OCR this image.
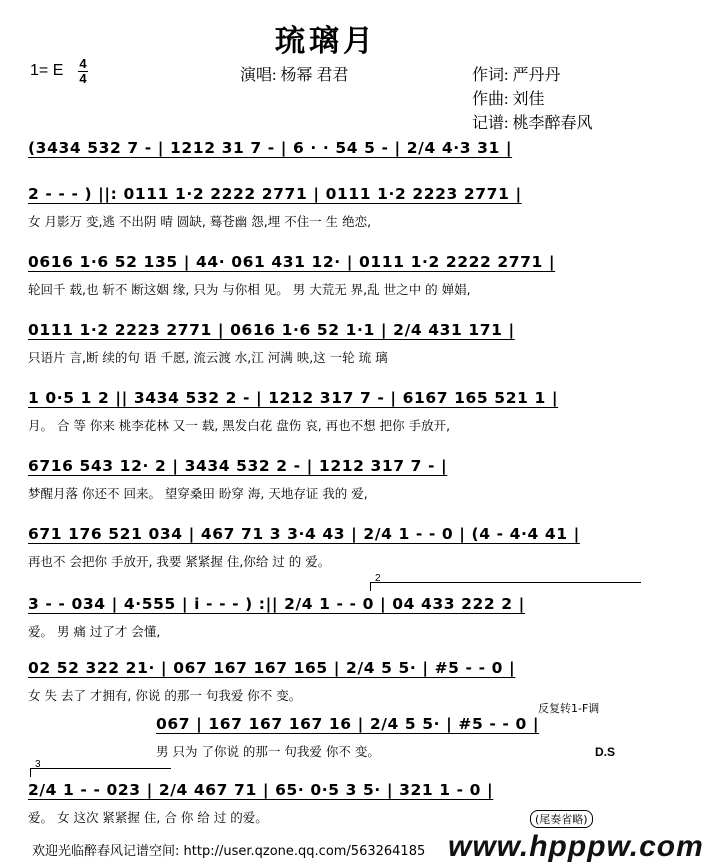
琉璃月
1= E 4
4	演唱: 杨幂 君君	作词: 严丹丹
作曲: 刘佳
记谱: 桃李醉春风
(3434 532 7 - | 1212 31 7 - | 6 · · 54 5 - | 2/4 4·3 31 |
2 - - - ) ||: 0111 1·2 2222 2771 | 0111 1·2 2223 2771 |
女 月影万 变,逃 不出阴 晴 圆缺, 蓦苍幽 怨,埋 不住一 生 绝恋,
0616 1·6 52 135 | 44· 061 431 12· | 0111 1·2 2222 2771 |
轮回千 载,也 斩不 断这姻 缘, 只为 与你相 见。 男 大荒无 界,乱 世之中 的 婵娟,
0111 1·2 2223 2771 | 0616 1·6 52 1·1 | 2/4 431 171 |
只语片 言,断 续的句 语 千愿, 流云渡 水,江 河满 映,这 一轮 琉 璃
1 0·5 1 2 || 3434 532 2 - | 1212 317 7 - | 6167 165 521 1 |
月。 合 等 你来 桃李花林 又一 载, 黑发白花 盘伤 哀, 再也不想 把你 手放开,
6716 543 12· 2 | 3434 532 2 - | 1212 317 7 - |
梦醒月落 你还不 回来。 望穿桑田 盼穿 海, 天地存证 我的 爱,
671 176 521 034 | 467 71 3 3·4 43 | 2/4 1 - - 0 | (4 - 4·4 41 |
再也不 会把你 手放开, 我要 紧紧握 住,你给 过 的 爱。
2
3 - - 034 | 4·555 | i - - - ) :|| 2/4 1 - - 0 | 04 433 222 2 |
爱。 男 痛 过了才 会懂,
02 52 322 21· | 067 167 167 165 | 2/4 5 5· | #5 - - 0 |
女 失 去了 才拥有, 你说 的那一 句我爱 你不 变。
反复转1-F调
067 | 167 167 167 16 | 2/4 5 5· | #5 - - 0 |
男 只为 了你说 的那一 句我爱 你不 变。	D.S
3
2/4 1 - - 023 | 2/4 467 71 | 65· 0·5 3 5· | 321 1 - 0 |
爱。 女 这次 紧紧握 住, 合 你 给 过 的爱。	(尾奏省略)
欢迎光临醉春风记谱空间: http://user.qzone.qq.com/563264185 www.hpppw.com
